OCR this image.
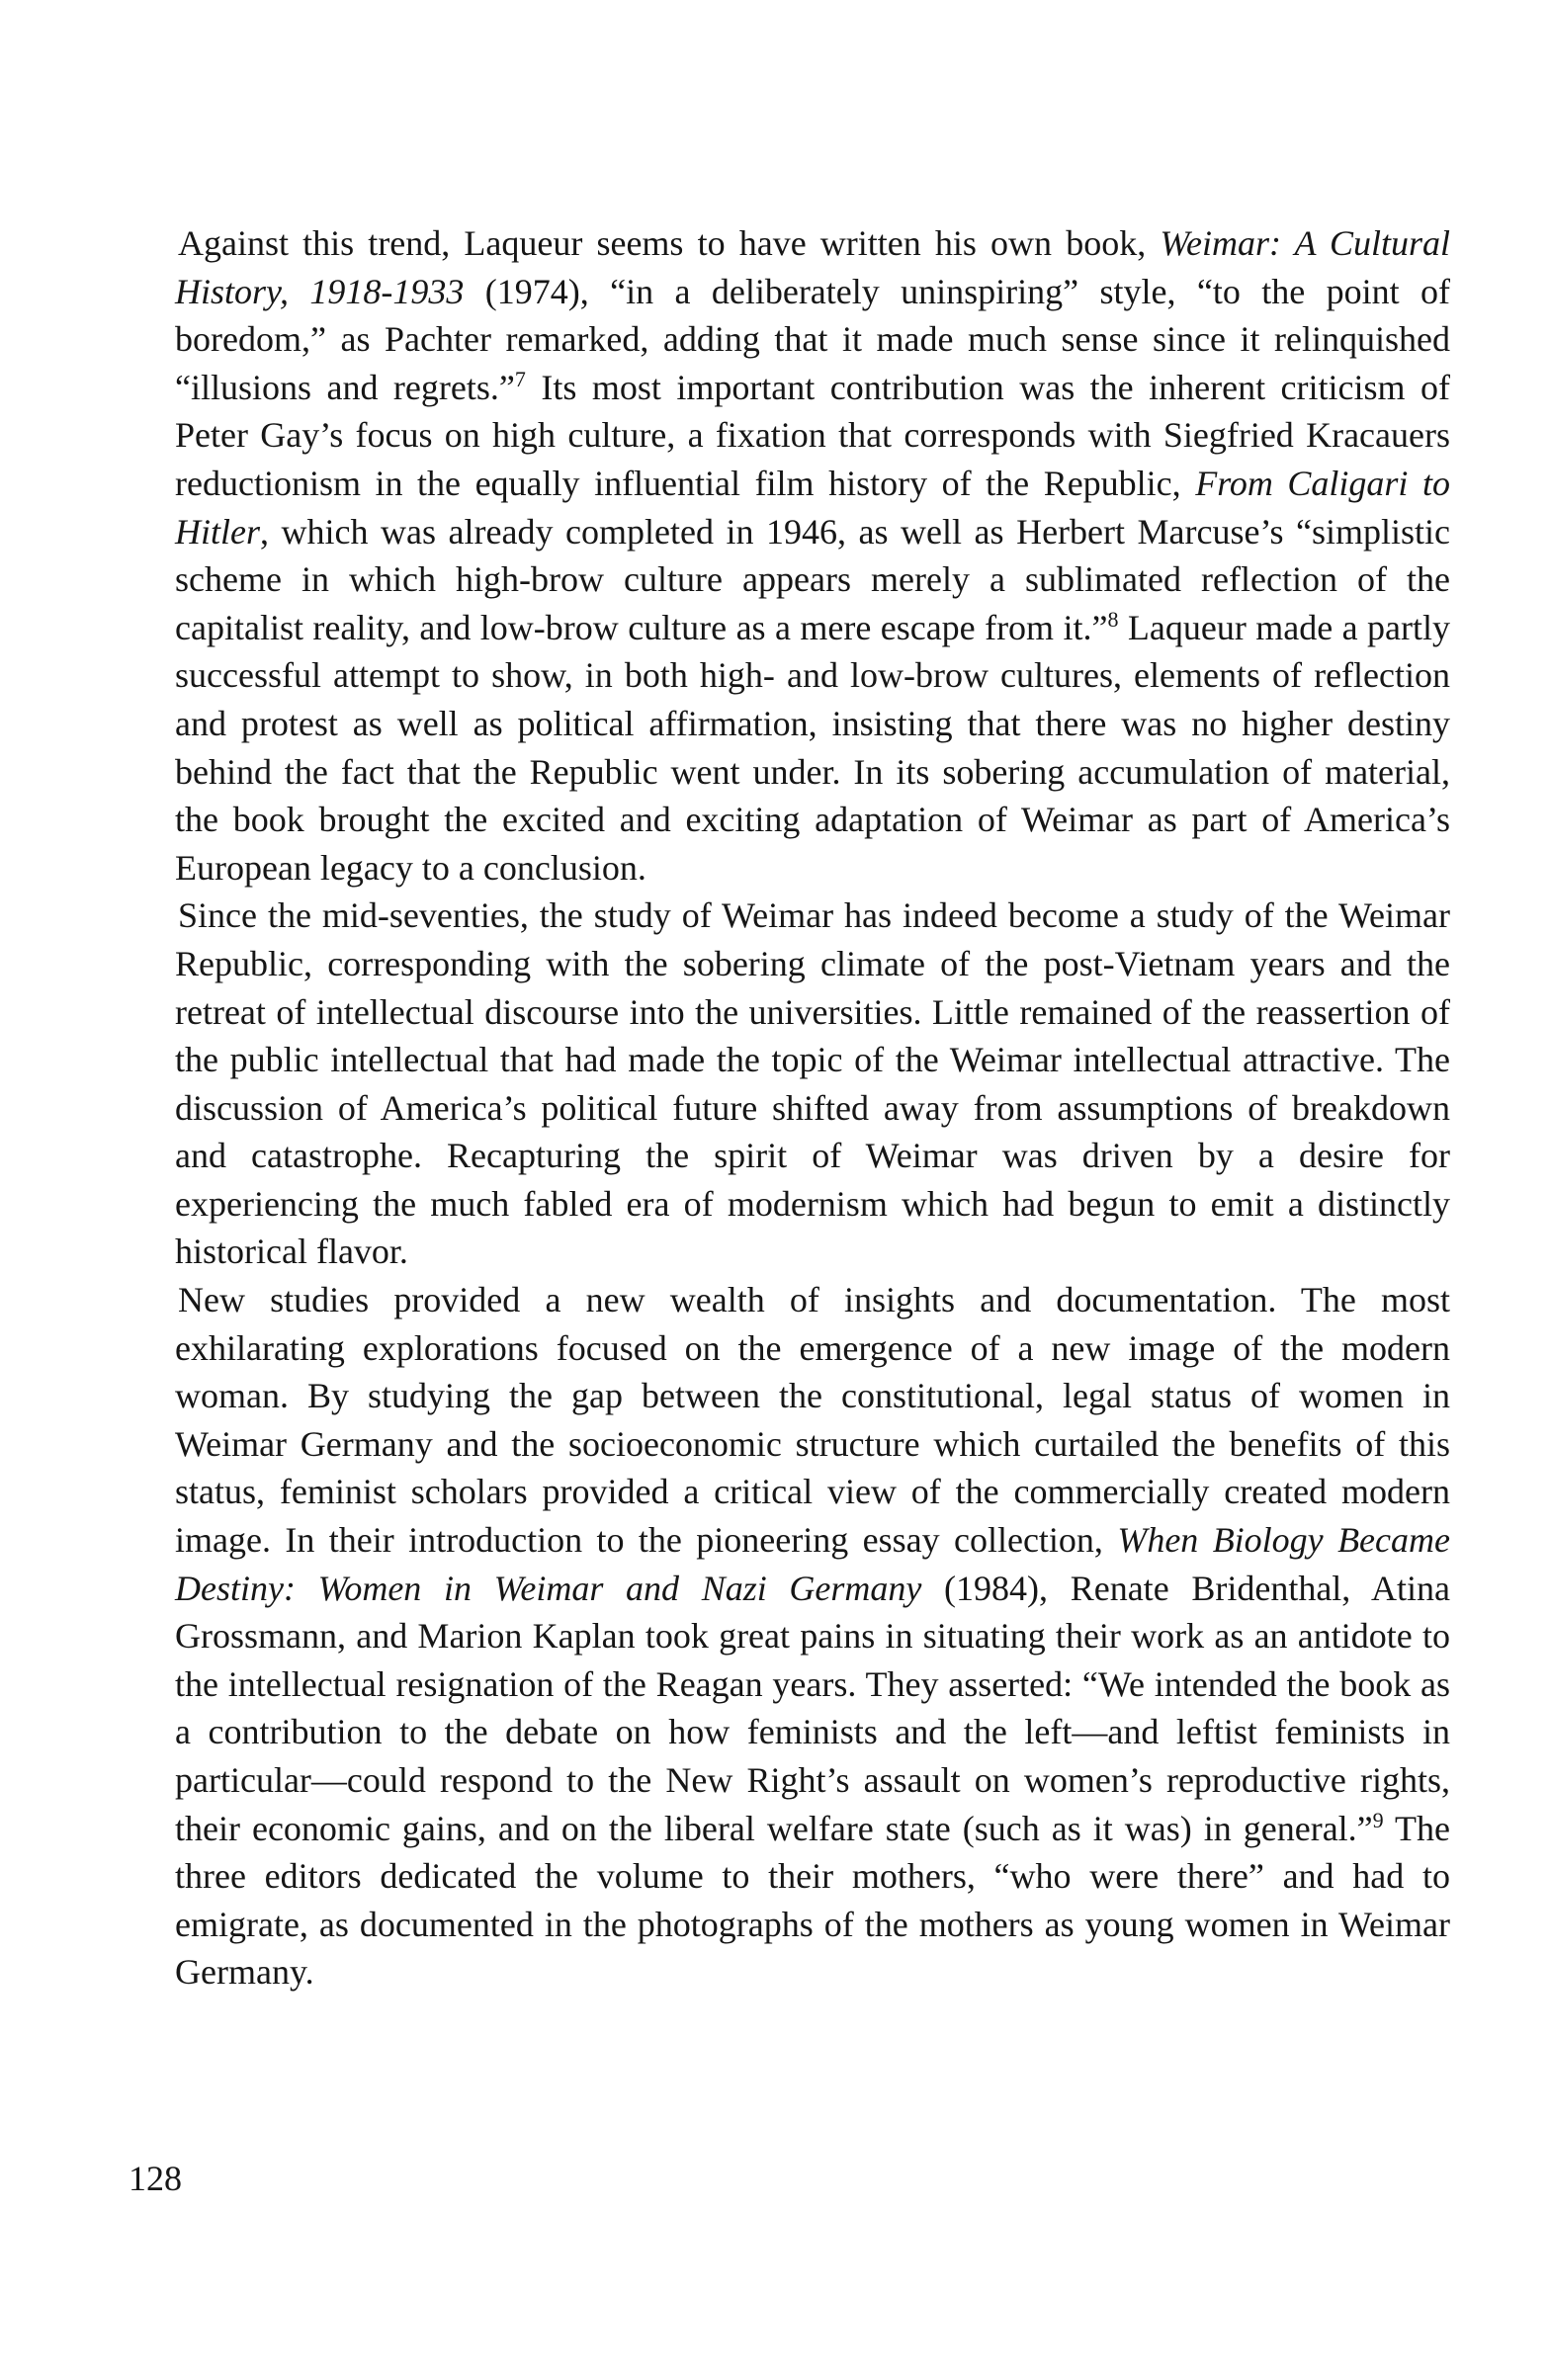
Against this trend, Laqueur seems to have written his own book, Weimar: A Cultural History, 1918-1933 (1974), “in a deliberately uninspiring” style, “to the point of boredom,” as Pachter remarked, adding that it made much sense since it relinquished “illusions and regrets.”$^7$ Its most important contribution was the inherent criticism of Peter Gay’s focus on high culture, a fixation that corresponds with Siegfried Kracauers reductionism in the equally influential film history of the Republic, From Caligari to Hitler, which was already completed in 1946, as well as Herbert Marcuse’s “simplistic scheme in which high-brow culture appears merely a sublimated reflection of the capitalist reality, and low-brow culture as a mere escape from it.”$^8$ Laqueur made a partly successful attempt to show, in both high- and low-brow cultures, elements of reflection and protest as well as political affirmation, insisting that there was no higher destiny behind the fact that the Republic went under. In its sobering accumulation of material, the book brought the excited and exciting adaptation of Weimar as part of America’s European legacy to a conclusion.

Since the mid-seventies, the study of Weimar has indeed become a study of the Weimar Republic, corresponding with the sobering climate of the post-Vietnam years and the retreat of intellectual discourse into the universities. Little remained of the reassertion of the public intellectual that had made the topic of the Weimar intellectual attractive. The discussion of America’s political future shifted away from assumptions of breakdown and catastrophe. Recapturing the spirit of Weimar was driven by a desire for experiencing the much fabled era of modernism which had begun to emit a distinctly historical flavor.

New studies provided a new wealth of insights and documentation. The most exhilarating explorations focused on the emergence of a new image of the modern woman. By studying the gap between the constitutional, legal status of women in Weimar Germany and the socioeconomic structure which curtailed the benefits of this status, feminist scholars provided a critical view of the commercially created modern image. In their introduction to the pioneering essay collection, When Biology Became Destiny: Women in Weimar and Nazi Germany (1984), Renate Bridenthal, Atina Grossmann, and Marion Kaplan took great pains in situating their work as an antidote to the intellectual resignation of the Reagan years. They asserted: “We intended the book as a contribution to the debate on how feminists and the left—and leftist feminists in particular—could respond to the New Right’s assault on women’s reproductive rights, their economic gains, and on the liberal welfare state (such as it was) in general.”$^9$ The three editors dedicated the volume to their mothers, “who were there” and had to emigrate, as documented in the photographs of the mothers as young women in Weimar Germany.

128
